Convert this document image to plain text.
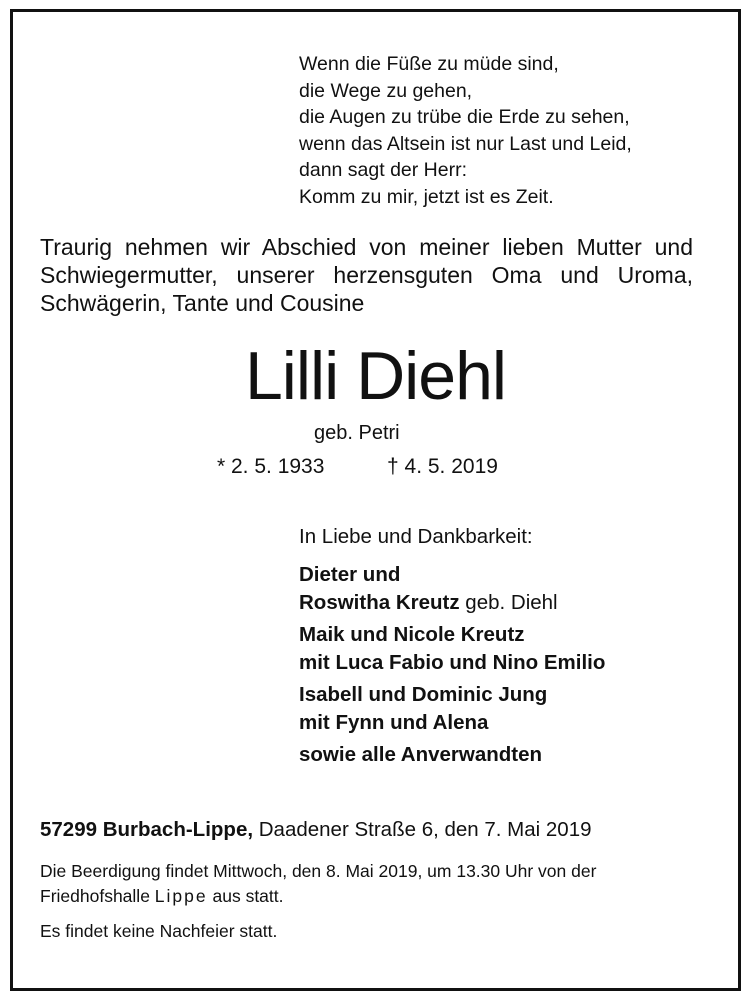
Wenn die Füße zu müde sind,
die Wege zu gehen,
die Augen zu trübe die Erde zu sehen,
wenn das Altsein ist nur Last und Leid,
dann sagt der Herr:
Komm zu mir, jetzt ist es Zeit.
Traurig nehmen wir Abschied von meiner lieben Mutter und
Schwiegermutter, unserer herzensguten Oma und Uroma,
Schwägerin, Tante und Cousine
Lilli Diehl
geb. Petri
* 2. 5. 1933	† 4. 5. 2019
In Liebe und Dankbarkeit:
Dieter und
Roswitha Kreutz geb. Diehl
Maik und Nicole Kreutz
mit Luca Fabio und Nino Emilio
Isabell und Dominic Jung
mit Fynn und Alena
sowie alle Anverwandten
57299 Burbach-Lippe, Daadener Straße 6, den 7. Mai 2019
Die Beerdigung findet Mittwoch, den 8. Mai 2019, um 13.30 Uhr von der Friedhofshalle Lippe aus statt.
Es findet keine Nachfeier statt.
